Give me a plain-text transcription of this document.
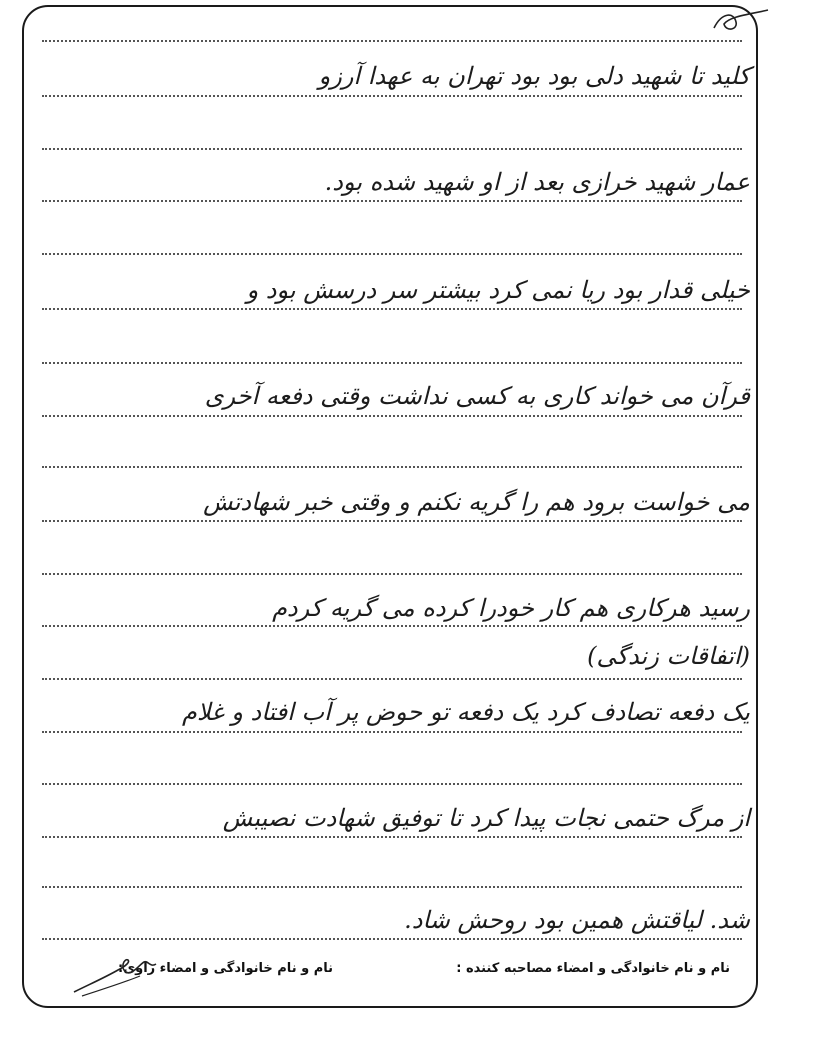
کلید تا شهید دلی بود بود تهران به عهدا آرزو

عمار شهید خرازی بعد از او شهید شده بود.

خیلی قدار بود ریا نمی کرد بیشتر سر درسش بود و

قرآن می خواند کاری به کسی نداشت وقتی دفعه آخری

می خواست برود هم را گریه نکنم و وقتی خبر شهادتش

رسید هرکاری هم کار خودرا کرده می گریه کردم

(اتفاقات زندگی)

یک دفعه تصادف کرد یک دفعه تو حوض پر آب افتاد و غلام

از مرگ حتمی نجات پیدا کرد تا توفیق شهادت نصیبش

شد. لیاقتش همین بود روحش شاد.

نام و نام خانوادگی و امضاء مصاحبه کننده :

نام و نام خانوادگی و امضاء راوی:
